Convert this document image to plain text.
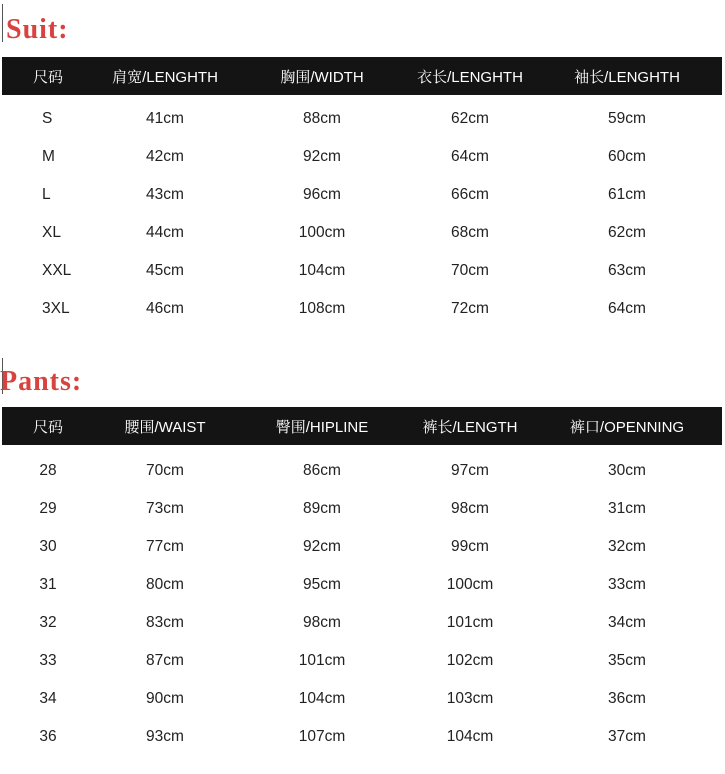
Suit:
尺码	肩宽/LENGHTH	胸围/WIDTH	衣长/LENGHTH	袖长/LENGHTH
S	41cm	88cm	62cm	59cm
M	42cm	92cm	64cm	60cm
L	43cm	96cm	66cm	61cm
XL	44cm	100cm	68cm	62cm
XXL	45cm	104cm	70cm	63cm
3XL	46cm	108cm	72cm	64cm
Pants:
尺码	腰围/WAIST	臀围/HIPLINE	裤长/LENGTH	裤口/OPENNING
28	70cm	86cm	97cm	30cm
29	73cm	89cm	98cm	31cm
30	77cm	92cm	99cm	32cm
31	80cm	95cm	100cm	33cm
32	83cm	98cm	101cm	34cm
33	87cm	101cm	102cm	35cm
34	90cm	104cm	103cm	36cm
36	93cm	107cm	104cm	37cm
